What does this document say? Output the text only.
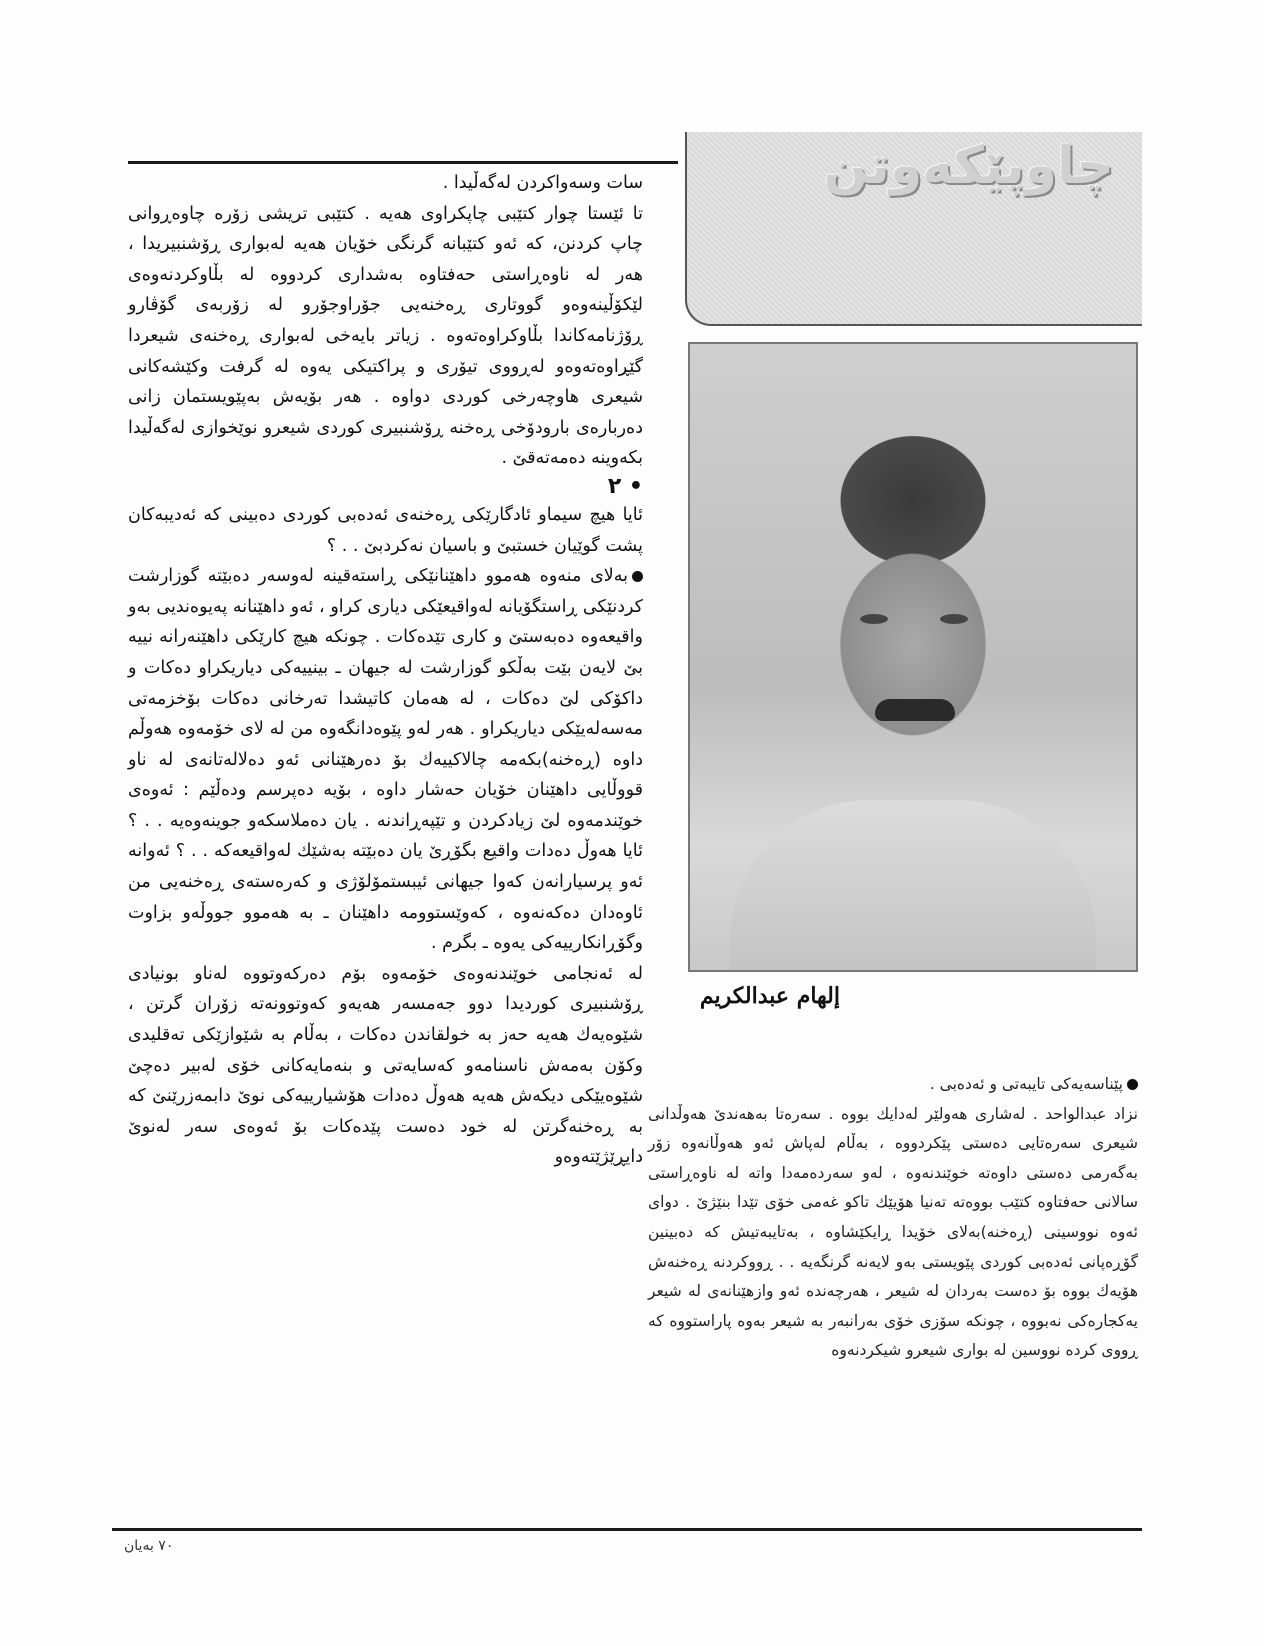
چاوپێکەوتن
إلهام عبدالكريم

سات وسەواکردن لەگەڵیدا .

تا ئێستا چوار کتێبی چاپکراوی هەیە . کتێبی تریشی زۆرە چاوەڕوانی چاپ کردنن، کە ئەو کتێبانە گرنگی خۆیان هەیە لەبواری ڕۆشنبیریدا ، هەر لە ناوەڕاستی حەفتاوە بەشداری کردووە لە بڵاوکردنەوەی لێکۆڵینەوەو گووتاری ڕەخنەیی جۆراوجۆرو لە زۆربەی گۆڤارو ڕۆژنامەکاندا بڵاوکراوەتەوە . زیاتر بایەخی لەبواری ڕەخنەی شیعردا گێڕاوەتەوەو لەڕووی تیۆری و پراکتیکی یەوە لە گرفت وکێشەکانی شیعری هاوچەرخی کوردی دواوە . هەر بۆیەش بەپێویستمان زانی دەربارەی بارودۆخی ڕەخنە ڕۆشنبیری کوردی شیعرو نوێخوازی لەگەڵیدا بکەوینە دەمەتەقێ .

• ٢

ئایا هیچ سیماو ئادگارێکی ڕەخنەی ئەدەبی کوردی دەبینی کە ئەدیبەکان پشت گوێیان خستبێ و باسیان نەکردبێ . . ؟

بەلای منەوە هەموو داهێنانێکی ڕاستەقینە لەوسەر دەبێتە گوزارشت کردنێکی ڕاستگۆیانە لەواقیعێکی دیاری کراو ، ئەو داهێنانە پەیوەندیی بەو واقیعەوە دەبەستێ و کاری تێدەکات . چونکە هیچ کارێکی داهێنەرانە نییە بێ لایەن بێت بەڵکو گوزارشت لە جیهان ـ بینییەکی دیاریکراو دەکات و داکۆکی لێ دەکات ، لە هەمان کاتیشدا تەرخانی دەکات بۆخزمەتی مەسەلەیێکی دیاریکراو . هەر لەو پێوەدانگەوە من لە لای خۆمەوە هەوڵم داوە (ڕەخنە)بکەمە چالاکییەك بۆ دەرهێنانی ئەو دەلالەتانەی لە ناو قووڵایی داهێنان خۆیان حەشار داوە ، بۆیە دەپرسم ودەڵێم : ئەوەی خوێندمەوە لێ زیادکردن و تێپەڕاندنە . یان دەملاسکەو جوینەوەیە . . ؟ ئایا هەوڵ دەدات واقیع بگۆڕێ یان دەبێتە بەشێك لەواقیعەکە . . ؟ ئەوانە ئەو پرسیارانەن کەوا جیهانی ئیبستمۆلۆژی و کەرەستەی ڕەخنەیی من ئاوەدان دەکەنەوە ، کەوێستوومە داهێنان ـ بە هەموو جووڵەو بزاوت وگۆڕانکارییەکی یەوە ـ بگرم .

لە ئەنجامی خوێندنەوەی خۆمەوە بۆم دەرکەوتووە لەناو بونیادی ڕۆشنبیری کوردیدا دوو جەمسەر هەیەو کەوتوونەتە زۆران گرتن ، شێوەیەك هەیە حەز بە خولقاندن دەکات ، بەڵام بە شێوازێکی تەقلیدی وکۆن بەمەش ناسنامەو کەسایەتی و بنەمایەکانی خۆی لەبیر دەچێ شێوەیێکی دیکەش هەیە هەوڵ دەدات هۆشیارییەکی نوێ دابمەزرێنێ کە بە ڕەخنەگرتن لە خود دەست پێدەکات بۆ ئەوەی سەر لەنوێ دایڕێژێتەوەو

پێناسەیەکی تایبەتی و ئەدەبی .

نزاد عبدالواحد . لەشاری هەولێر لەدایك بووە . سەرەتا بەهەندێ هەوڵدانی شیعری سەرەتایی دەستی پێکردووە ، بەڵام لەپاش ئەو هەوڵانەوە زۆر بەگەرمی دەستی داوەتە خوێندنەوە ، لەو سەردەمەدا واتە لە ناوەڕاستی سالانی حەفتاوە کتێب بووەتە تەنیا هۆیێك تاکو غەمی خۆی تێدا بنێژێ . دوای ئەوە نووسینی (ڕەخنە)بەلای خۆیدا ڕایکێشاوە ، بەتایبەتیش کە دەبینین گۆڕەپانی ئەدەبی کوردی پێویستی بەو لایەنە گرنگەیە . . ڕووکردنە ڕەخنەش هۆیەك بووە بۆ دەست بەردان لە شیعر ، هەرچەندە ئەو وازهێنانەی لە شیعر یەکجارەکی نەبووە ، چونکە سۆزی خۆی بەرانبەر بە شیعر بەوە پاراستووە کە ڕووی کردە نووسین لە بواری شیعرو شیکردنەوە

٧٠ بەیان
